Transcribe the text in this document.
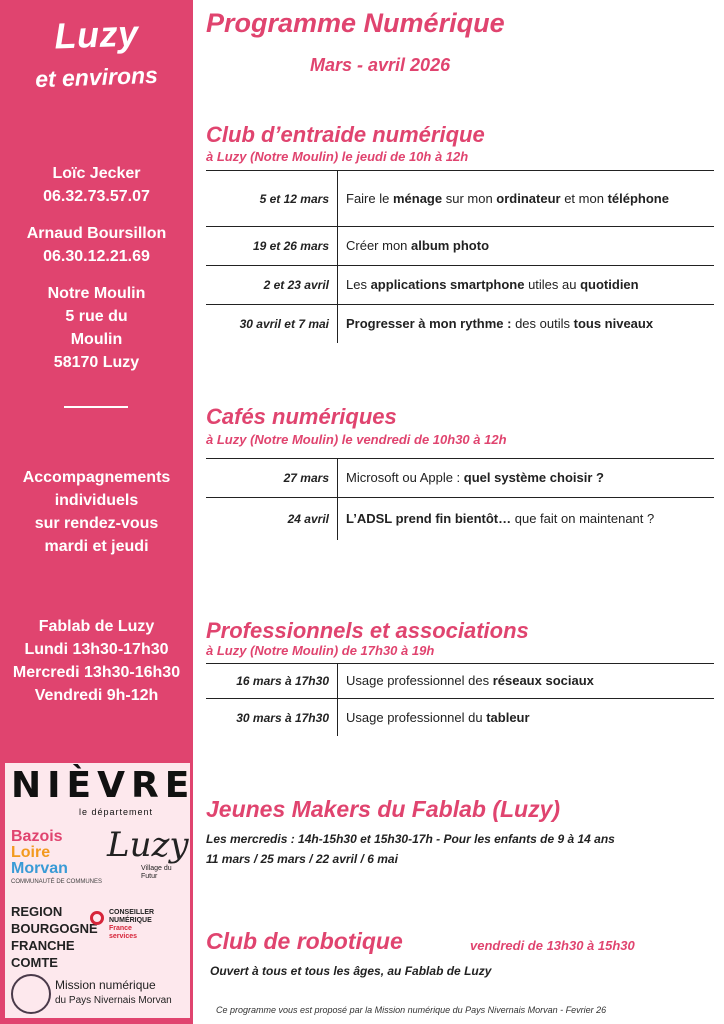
Luzy
et environs
Loïc Jecker
06.32.73.57.07
Arnaud Boursillon
06.30.12.21.69
Notre Moulin
5 rue du
Moulin
58170 Luzy
Accompagnements
individuels
sur rendez-vous
mardi et jeudi
Fablab de Luzy
Lundi 13h30-17h30
Mercredi 13h30-16h30
Vendredi 9h-12h
NIÈVRE
le département
Bazois
Loire
Morvan
COMMUNAUTÉ DE COMMUNES
Luzy
Village du
Futur
REGION
BOURGOGNE
FRANCHE
COMTE
CONSEILLER
NUMÉRIQUE
France
services
Mission numérique
du Pays Nivernais Morvan
Programme Numérique
Mars - avril 2026
Club d’entraide numérique
à Luzy (Notre Moulin) le jeudi de 10h à 12h
5 et 12 mars	Faire le ménage sur mon ordinateur et mon téléphone
19 et 26 mars	Créer mon album photo
2 et 23 avril	Les applications smartphone utiles au quotidien
30 avril et 7 mai	Progresser à mon rythme : des outils tous niveaux
Cafés numériques
à Luzy (Notre Moulin) le vendredi de 10h30 à 12h
27 mars	Microsoft ou Apple : quel système choisir ?
24 avril	L’ADSL prend fin bientôt… que fait on maintenant ?
Professionnels et associations
à Luzy (Notre Moulin) de 17h30 à 19h
16 mars à 17h30	Usage professionnel des réseaux sociaux
30 mars à 17h30	Usage professionnel du tableur
Jeunes Makers du Fablab (Luzy)
Les mercredis : 14h-15h30 et 15h30-17h - Pour les enfants de 9 à 14 ans
11 mars / 25 mars / 22 avril / 6 mai
Club de robotique	vendredi de 13h30 à 15h30
Ouvert à tous et tous les âges, au Fablab de Luzy
Ce programme vous est proposé par la Mission numérique du Pays Nivernais Morvan - Fevrier 26
